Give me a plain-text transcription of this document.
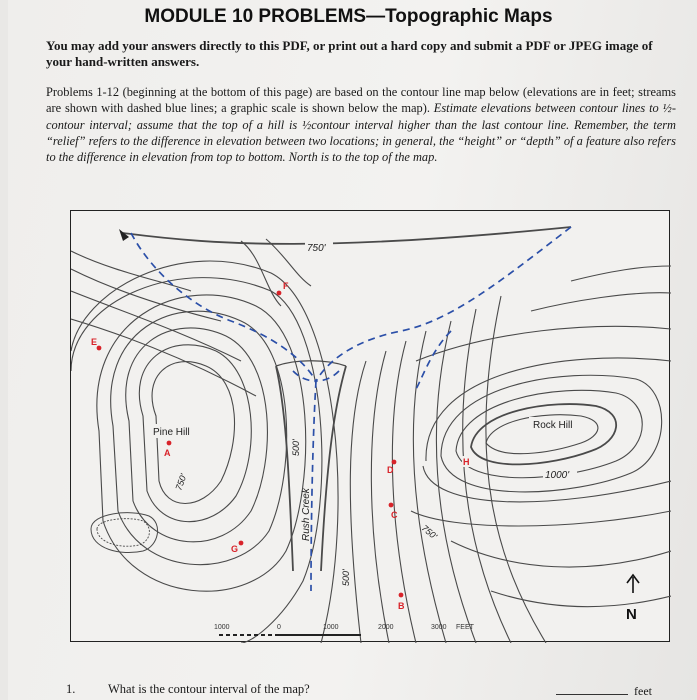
MODULE 10 PROBLEMS—Topographic Maps
You may add your answers directly to this PDF, or print out a hard copy and submit a PDF or JPEG image of your hand-written answers.
Problems 1-12 (beginning at the bottom of this page) are based on the contour line map below (elevations are in feet; streams are shown with dashed blue lines; a graphic scale is shown below the map). Estimate elevations between contour lines to ½-contour interval; assume that the top of a hill is ½contour interval higher than the last contour line. Remember, the term “relief” refers to the difference in elevation between two locations; in general, the “height” or “depth” of a feature also refers to the difference in elevation from top to bottom. North is to the top of the map.
750'
750'
750'
500'
500'
1000'
Rush Creek
Pine Hill
Rock Hill
A
B
C
D
E
F
G
H
N
1000	0	1000	2000	3000 FEET
1.	What is the contour interval of the map?	feet
